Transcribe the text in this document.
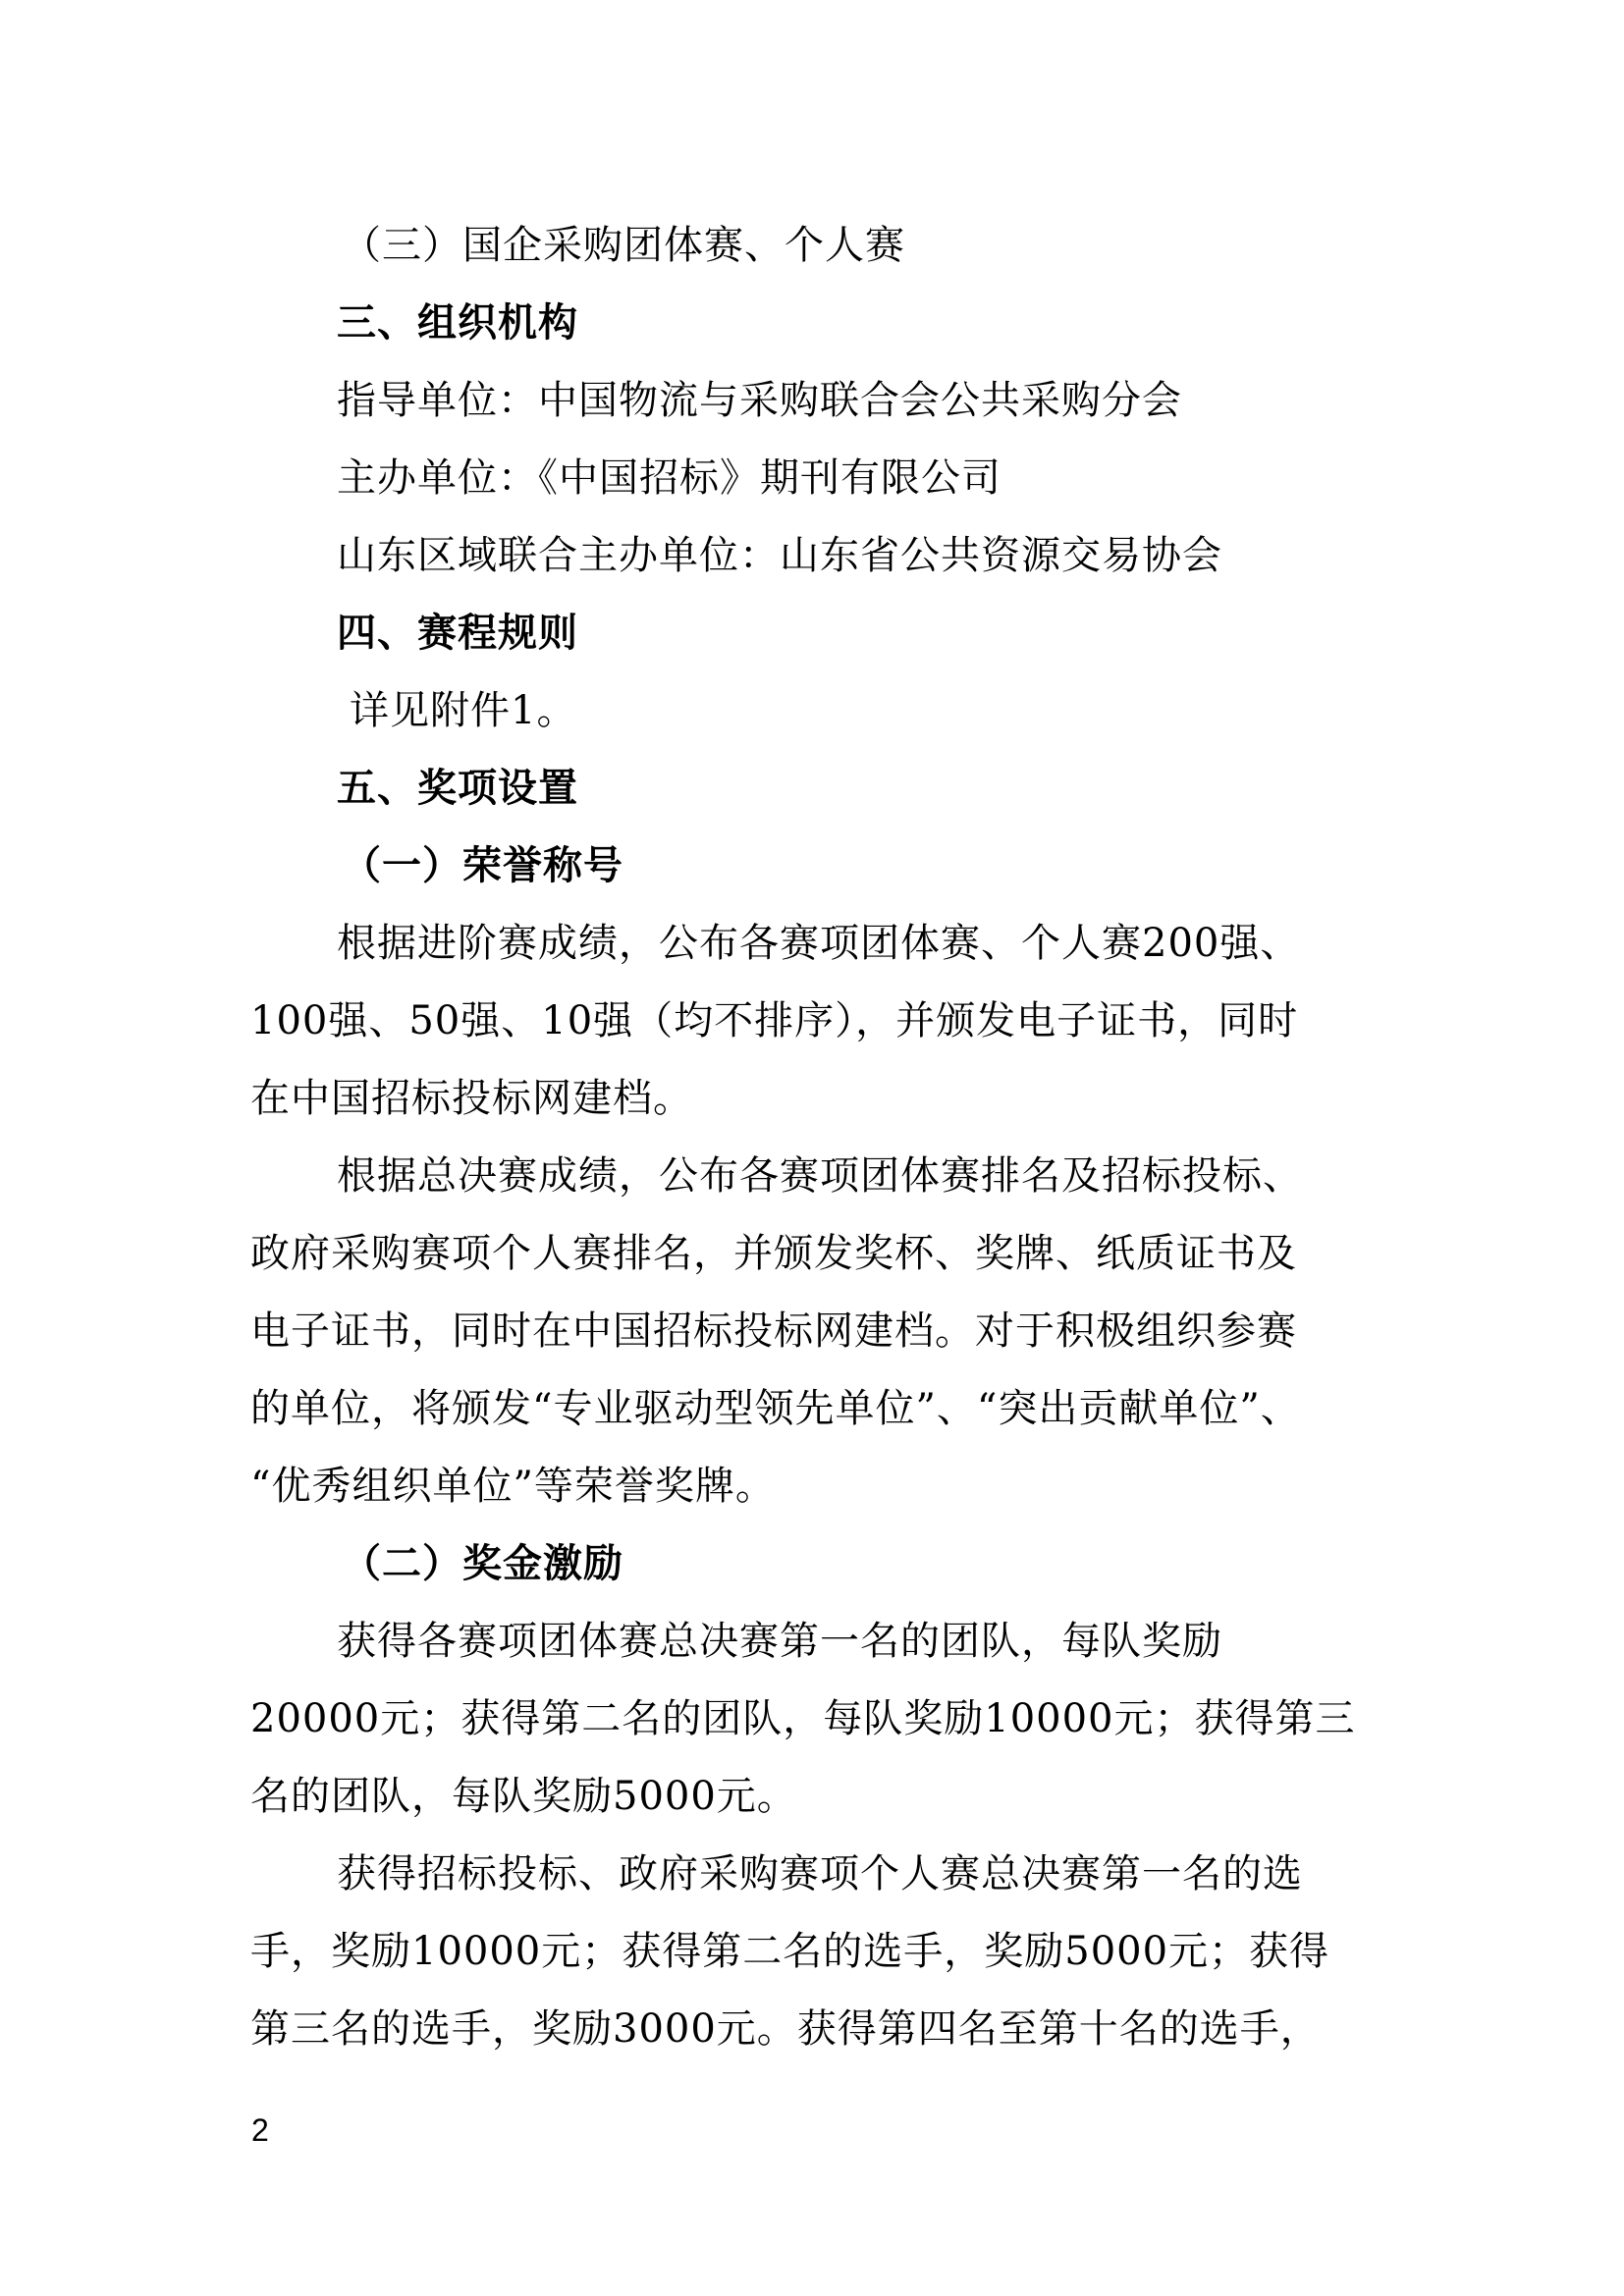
（三）国企采购团体赛、个人赛
三、组织机构
指导单位：中国物流与采购联合会公共采购分会
主办单位：《中国招标》期刊有限公司
山东区域联合主办单位：山东省公共资源交易协会
四、赛程规则
详见附件1。
五、奖项设置
（一）荣誉称号
根据进阶赛成绩，公布各赛项团体赛、个人赛200强、
100强、50强、10强（均不排序），并颁发电子证书，同时
在中国招标投标网建档。
根据总决赛成绩，公布各赛项团体赛排名及招标投标、
政府采购赛项个人赛排名，并颁发奖杯、奖牌、纸质证书及
电子证书，同时在中国招标投标网建档。对于积极组织参赛
的单位，将颁发“专业驱动型领先单位”、“突出贡献单位”、
“优秀组织单位”等荣誉奖牌。
（二）奖金激励
获得各赛项团体赛总决赛第一名的团队，每队奖励
20000元；获得第二名的团队，每队奖励10000元；获得第三
名的团队，每队奖励5000元。
获得招标投标、政府采购赛项个人赛总决赛第一名的选
手，奖励10000元；获得第二名的选手，奖励5000元；获得
第三名的选手，奖励3000元。获得第四名至第十名的选手，
2
